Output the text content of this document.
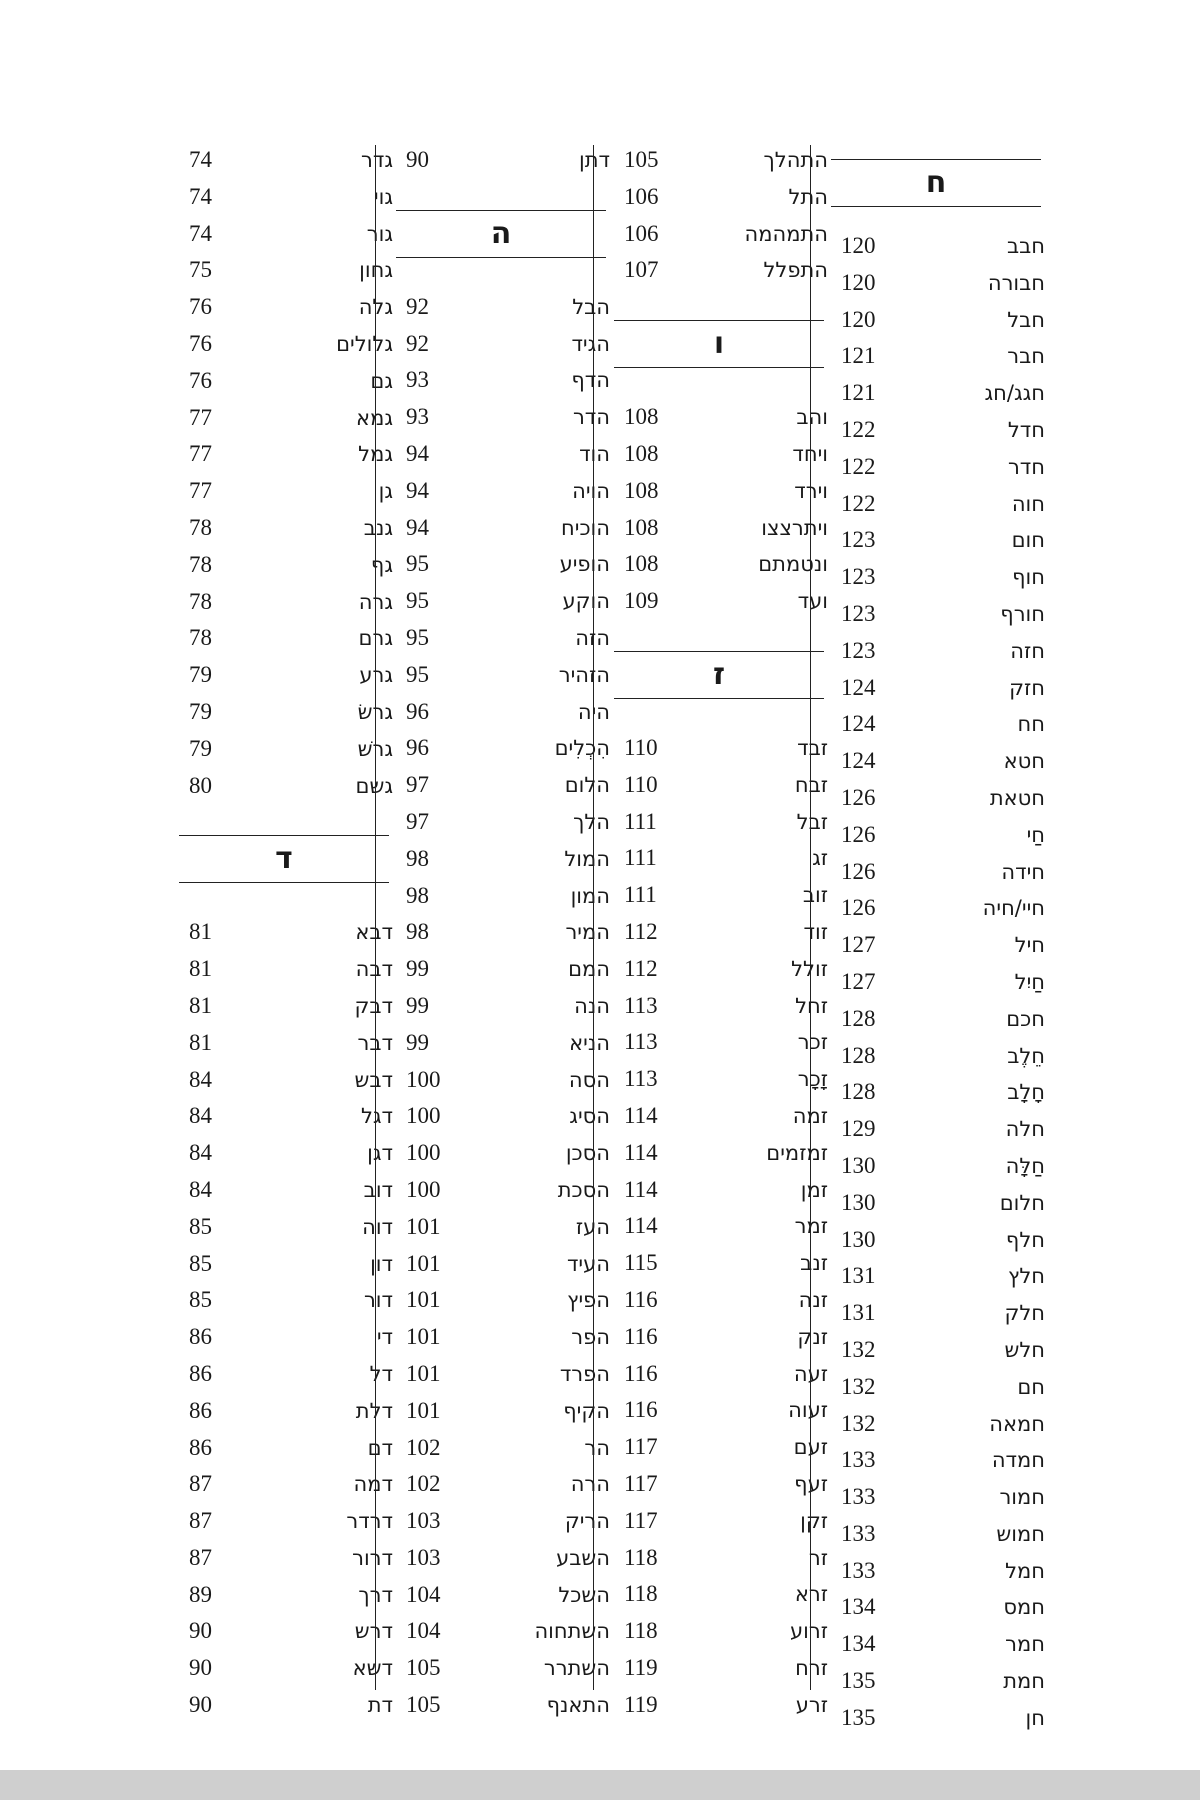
74	גדר
74	גוי
74	גור
75	גחון
76	גלה
76	גלולים
76	גם
77	גמא
77	גמל
77	גן
78	גנב
78	גף
78	גרה
78	גרם
79	גרע
79	גרשׂ
79	גרשׁ
80	גשם
ד
81	דבא
81	דבה
81	דבק
81	דבר
84	דבש
84	דגל
84	דגן
84	דוב
85	דוה
85	דון
85	דור
86	די
86	דל
86	דלת
86	דם
87	דמה
87	דרדר
87	דרור
89	דרך
90	דרש
90	דשא
90	דת
90	דתן
ה
92	הבל
92	הגיד
93	הדף
93	הדר
94	הוד
94	הויה
94	הוכיח
95	הופיע
95	הוקע
95	הזה
95	הזהיר
96	היה
96	הִכְלִים
97	הלום
97	הלך
98	המול
98	המון
98	המיר
99	המם
99	הנה
99	הניא
100	הסה
100	הסיג
100	הסכן
100	הסכת
101	העז
101	העיד
101	הפיץ
101	הפר
101	הפרד
101	הקיף
102	הר
102	הרה
103	הריק
103	השבע
104	השכל
104	השתחוה
105	השתרר
105	התאנף
105	התהלך
106	התל
106	התמהמה
107	התפלל
ו
108	והב
108	ויחד
108	וירד
108	ויתרצצו
108	ונטמתם
109	ועד
ז
110	זבד
110	זבח
111	זבל
111	זג
111	זוב
112	זוד
112	זולל
113	זחל
113	זכר
113	זָכָר
114	זמה
114	זמזמים
114	זמן
114	זמר
115	זנב
116	זנה
116	זנק
116	זעה
116	זעוה
117	זעם
117	זעף
117	זקן
118	זר
118	זרא
118	זרוע
119	זרח
119	זרע
ח
120	חבב
120	חבורה
120	חבל
121	חבר
121	חגג/חג
122	חדל
122	חדר
122	חוה
123	חום
123	חוף
123	חורף
123	חזה
124	חזק
124	חח
124	חטא
126	חטאת
126	חַי
126	חידה
126	חיי/חיה
127	חיל
127	חַיִל
128	חכם
128	חֵלֶב
128	חָלָב
129	חלה
130	חַלָּה
130	חלום
130	חלף
131	חלץ
131	חלק
132	חלש
132	חם
132	חמאה
133	חמדה
133	חמור
133	חמוש
133	חמל
134	חמס
134	חמר
135	חמת
135	חן
